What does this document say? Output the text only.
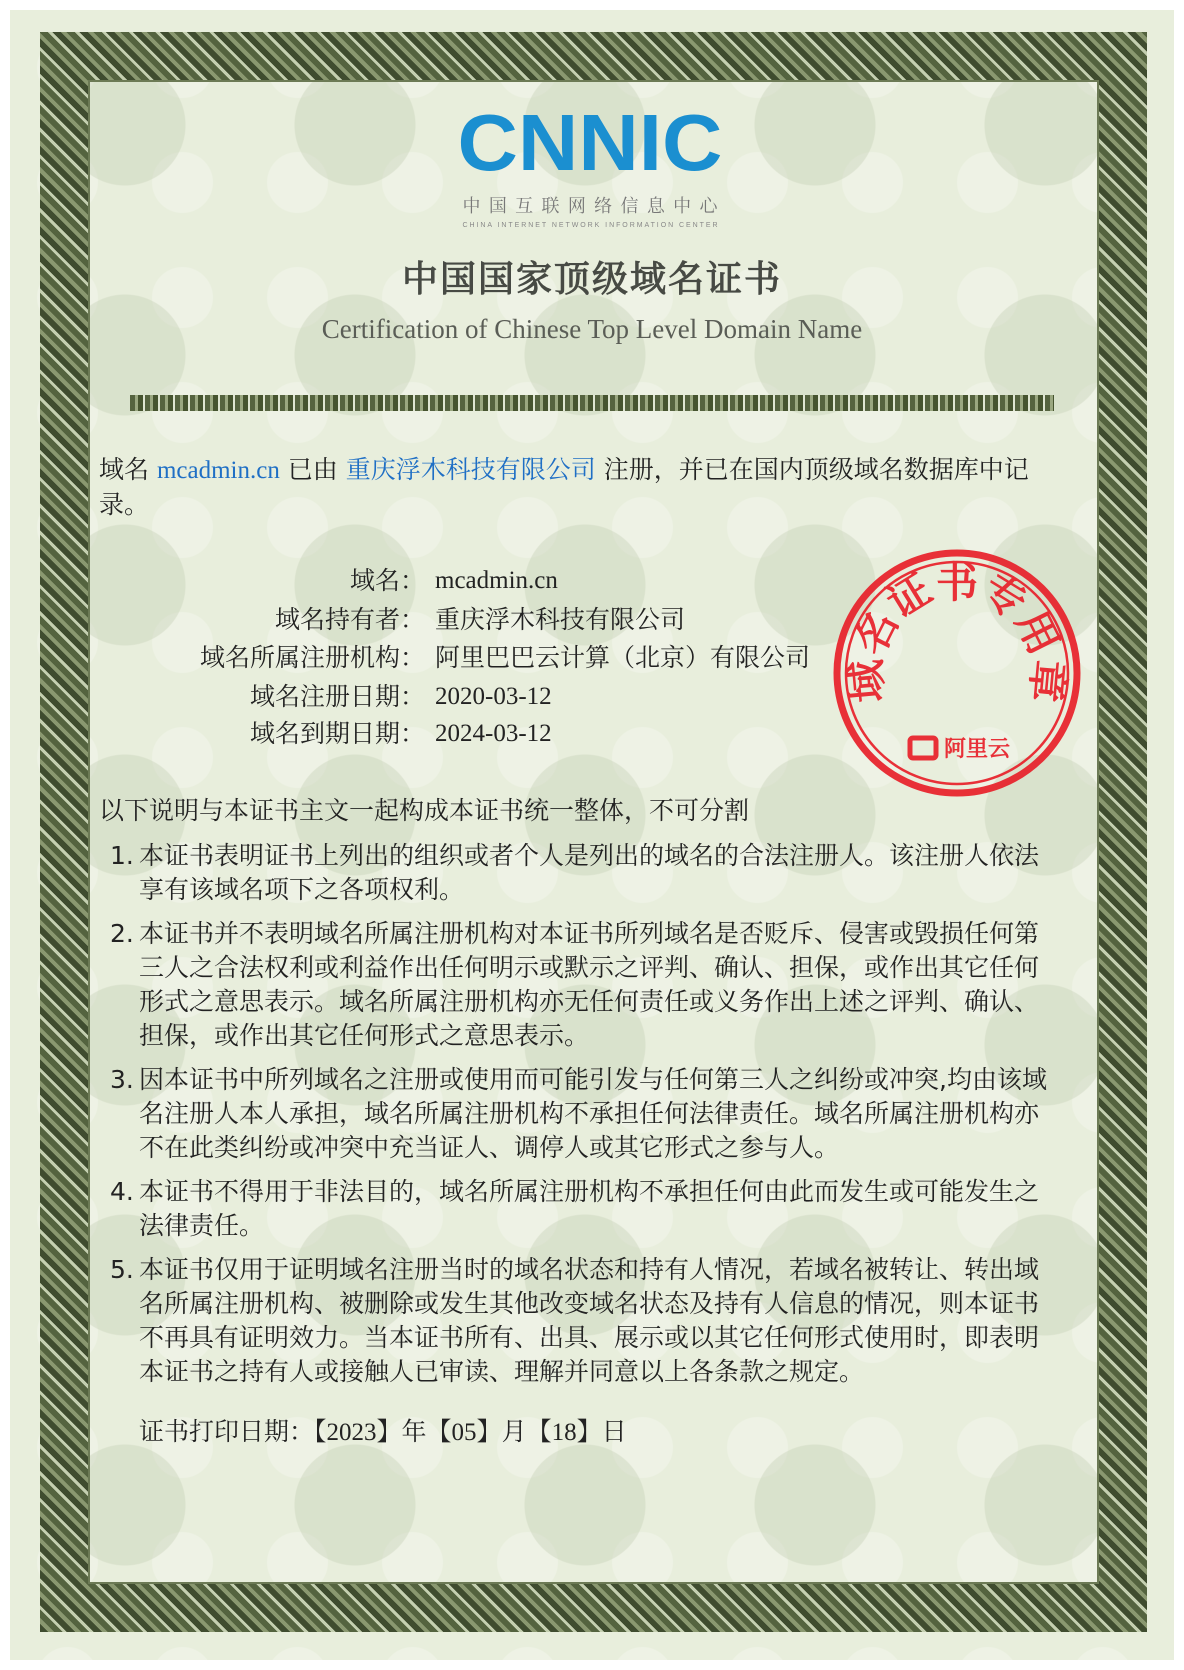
CNNIC
中国互联网络信息中心
CHINA INTERNET NETWORK INFORMATION CENTER
中国国家顶级域名证书
Certification of Chinese Top Level Domain Name
域名 mcadmin.cn 已由 重庆浮木科技有限公司 注册，并已在国内顶级域名数据库中记
录。
域名： mcadmin.cn
域名持有者： 重庆浮木科技有限公司
域名所属注册机构： 阿里巴巴云计算（北京）有限公司
域名注册日期： 2020-03-12
域名到期日期： 2024-03-12
以下说明与本证书主文一起构成本证书统一整体，不可分割
1. 本证书表明证书上列出的组织或者个人是列出的域名的合法注册人。该注册人依法
享有该域名项下之各项权利。
2. 本证书并不表明域名所属注册机构对本证书所列域名是否贬斥、侵害或毁损任何第
三人之合法权利或利益作出任何明示或默示之评判、确认、担保，或作出其它任何
形式之意思表示。域名所属注册机构亦无任何责任或义务作出上述之评判、确认、
担保，或作出其它任何形式之意思表示。
3. 因本证书中所列域名之注册或使用而可能引发与任何第三人之纠纷或冲突,均由该域
名注册人本人承担，域名所属注册机构不承担任何法律责任。域名所属注册机构亦
不在此类纠纷或冲突中充当证人、调停人或其它形式之参与人。
4. 本证书不得用于非法目的，域名所属注册机构不承担任何由此而发生或可能发生之
法律责任。
5. 本证书仅用于证明域名注册当时的域名状态和持有人情况，若域名被转让、转出域
名所属注册机构、被删除或发生其他改变域名状态及持有人信息的情况，则本证书
不再具有证明效力。当本证书所有、出具、展示或以其它任何形式使用时，即表明
本证书之持有人或接触人已审读、理解并同意以上各条款之规定。
证书打印日期：【2023】年【05】月【18】日
域名证书专用章
阿里云
